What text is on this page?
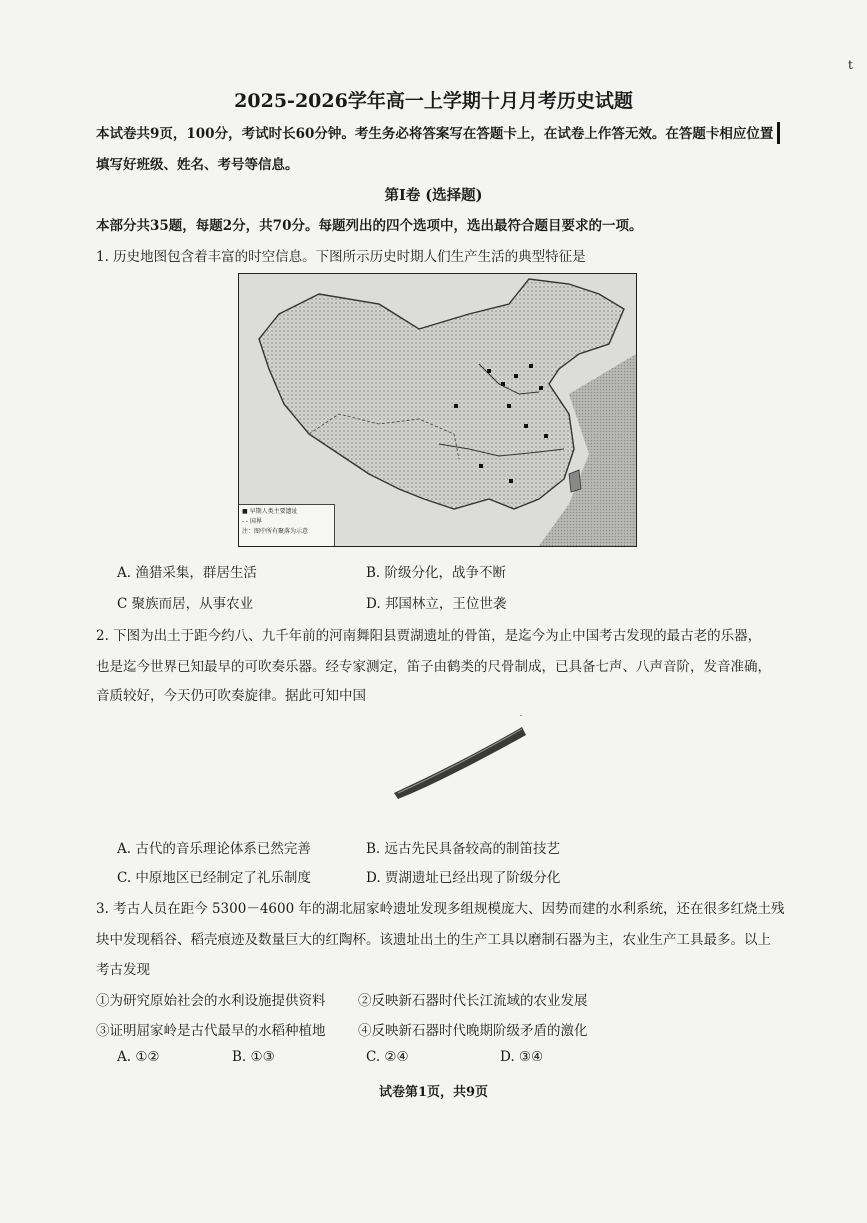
t
2025-2026学年高一上学期十月月考历史试题
本试卷共9页，100分，考试时长60分钟。考生务必将答案写在答题卡上，在试卷上作答无效。在答题卡相应位置
填写好班级、姓名、考号等信息。
第Ⅰ卷 (选择题)
本部分共35题，每题2分，共70分。每题列出的四个选项中，选出最符合题目要求的一项。
1. 历史地图包含着丰富的时空信息。下图所示历史时期人们生产生活的典型特征是
■ 早期人类主要遗址
- - 国界
注：图中所有聚落为示意
A. 渔猎采集，群居生活	B. 阶级分化，战争不断
C 聚族而居，从事农业	D. 邦国林立，王位世袭
2. 下图为出土于距今约八、九千年前的河南舞阳县贾湖遗址的骨笛，是迄今为止中国考古发现的最古老的乐器，
也是迄今世界已知最早的可吹奏乐器。经专家测定，笛子由鹤类的尺骨制成，已具备七声、八声音阶，发音准确，
音质较好，今天仍可吹奏旋律。据此可知中国
A. 古代的音乐理论体系已然完善	B. 远古先民具备较高的制笛技艺
C. 中原地区已经制定了礼乐制度	D. 贾湖遗址已经出现了阶级分化
3. 考古人员在距今 5300－4600 年的湖北屈家岭遗址发现多组规模庞大、因势而建的水利系统，还在很多红烧土残
块中发现稻谷、稻壳痕迹及数量巨大的红陶杯。该遗址出土的生产工具以磨制石器为主，农业生产工具最多。以上
考古发现
①为研究原始社会的水利设施提供资料 ②反映新石器时代长江流域的农业发展
③证明屈家岭是古代最早的水稻种植地 ④反映新石器时代晚期阶级矛盾的激化
A. ①②	B. ①③	C. ②④	D. ③④
试卷第1页，共9页
